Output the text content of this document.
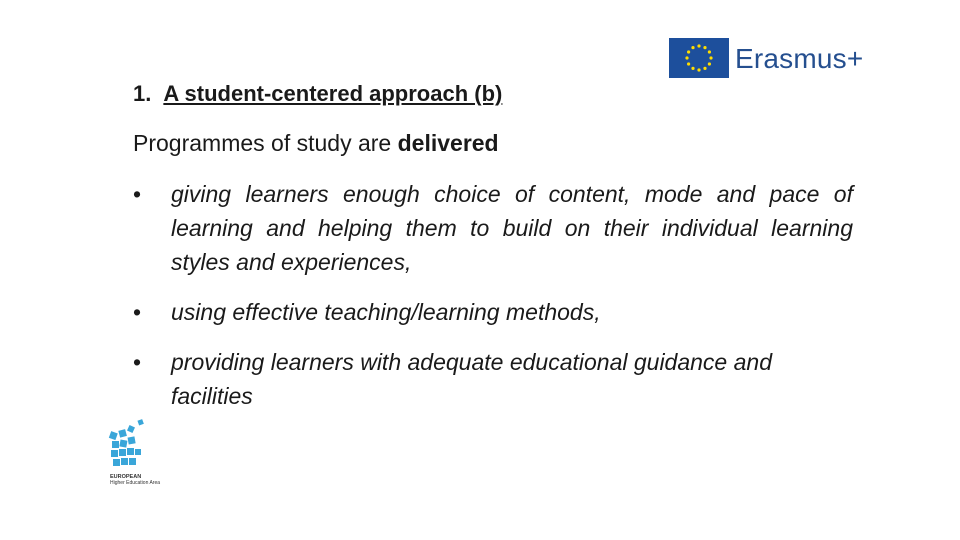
Erasmus+
1. A student-centered approach (b)
Programmes of study are delivered
• giving learners enough choice of content, mode and pace of learning and helping them to build on their individual learning styles and experiences,
• using effective teaching/learning methods,
• providing learners with adequate educational guidance and facilities
EUROPEAN
Higher Education Area
